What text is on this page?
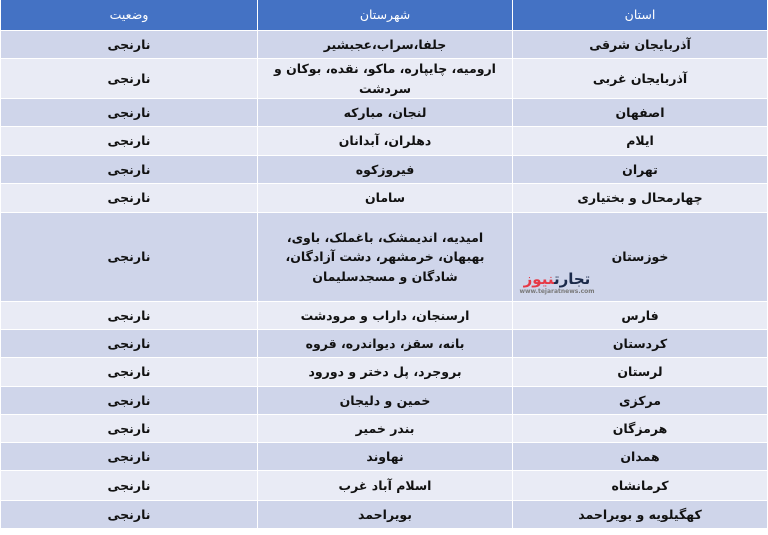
استان
شهرستان
وضعیت
آذربایجان شرقی
جلفا،سراب،عجبشیر
نارنجی
آذربایجان غربی
ارومیه، چایپاره، ماکو، نقده، بوکان و سردشت
نارنجی
اصفهان
لنجان، مبارکه
نارنجی
ایلام
دهلران، آبدانان
نارنجی
تهران
فیروزکوه
نارنجی
چهارمحال و بختیاری
سامان
نارنجی
خوزستان
امیدیه، اندیمشک، باغملک، باوی، بهبهان، خرمشهر، دشت آزادگان، شادگان و مسجدسلیمان
نارنجی
فارس
ارسنجان، داراب و مرودشت
نارنجی
کردستان
بانه، سقز، دیواندره، قروه
نارنجی
لرستان
بروجرد، پل دختر و دورود
نارنجی
مرکزی
خمین و دلیجان
نارنجی
هرمزگان
بندر خمیر
نارنجی
همدان
نهاوند
نارنجی
کرمانشاه
اسلام آباد غرب
نارنجی
کهگیلویه و بویراحمد
بویراحمد
نارنجی
تجارتنیوز
www.tejaratnews.com
